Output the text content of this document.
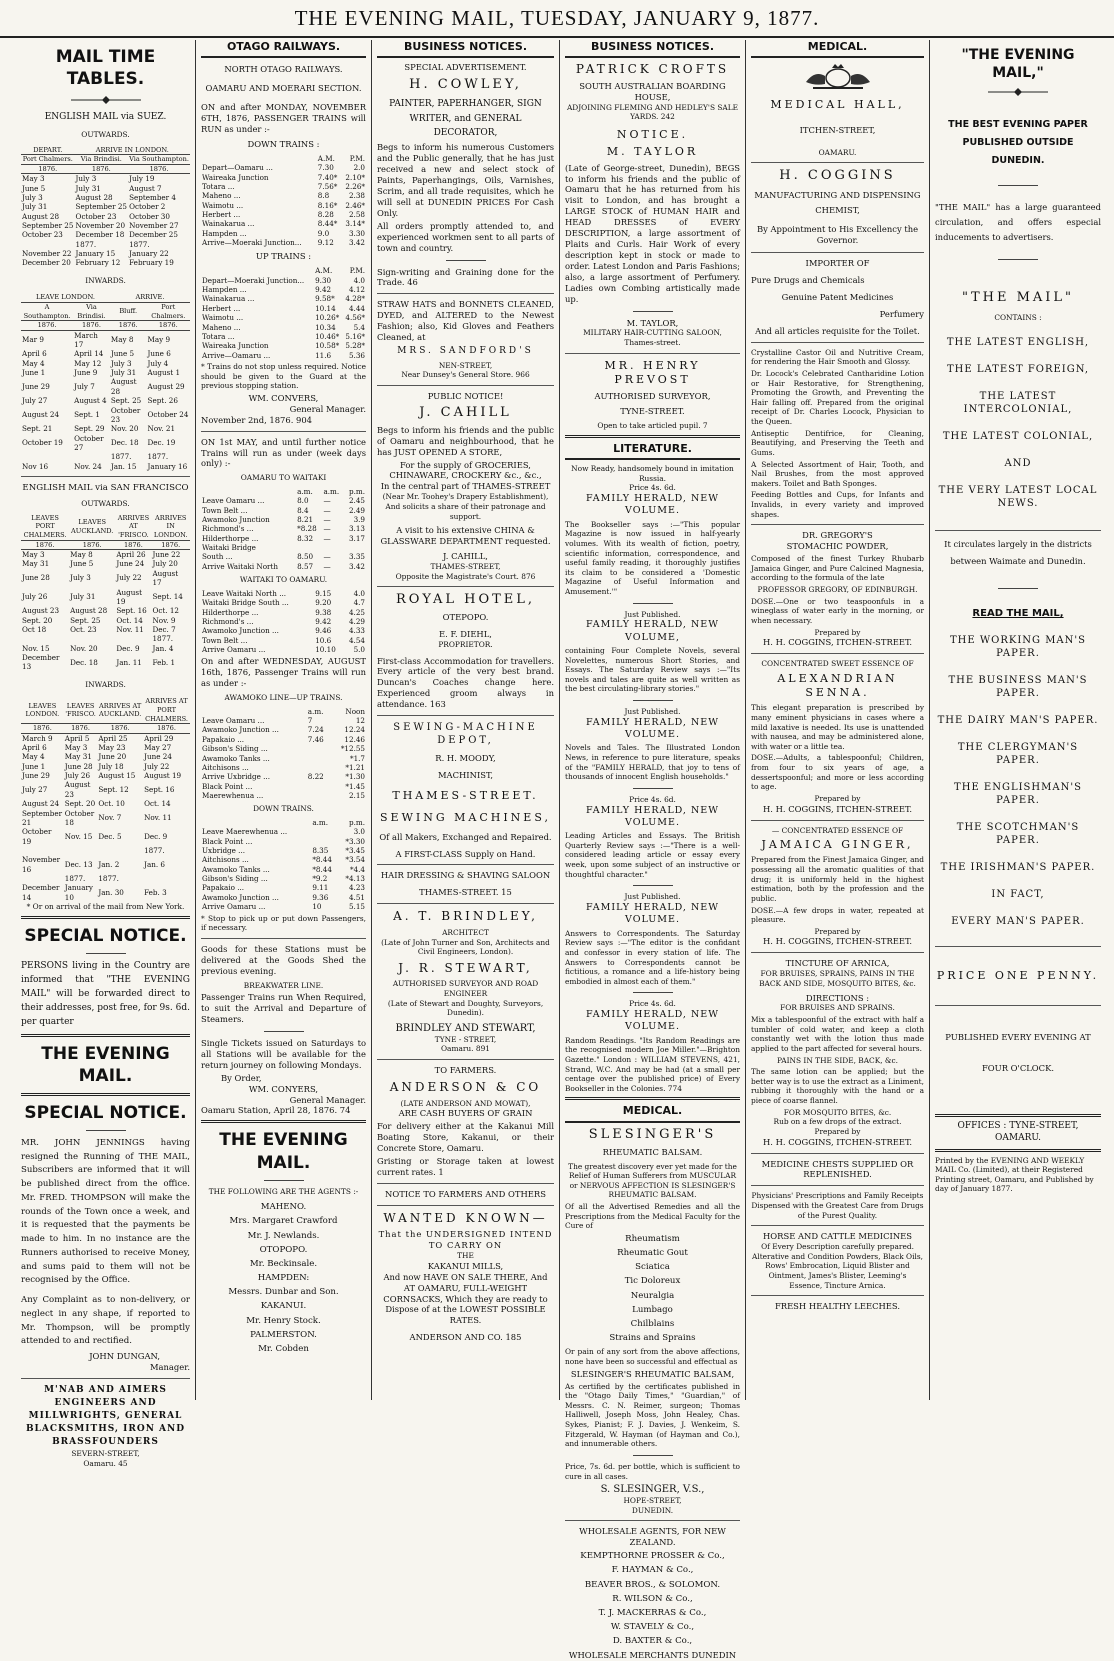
THE EVENING MAIL, TUESDAY, JANUARY 9, 1877.
MAIL TIME TABLES.
ENGLISH MAIL via SUEZ.
OUTWARDS.
DEPART.	ARRIVE IN LONDON.	
Port Chalmers.	Via Brindisi.	Via Southampton.
1876.	1876.	1876.
May 3	July 3	July 19
June 5	July 31	August 7
July 3	August 28	September 4
July 31	September 25	October 2
August 28	October 23	October 30
September 25	November 20	November 27
October 23	December 18	December 25
	1877.	1877.
November 22	January 15	January 22
December 20	February 12	February 19
INWARDS.
LEAVE LONDON.		ARRIVE.	
A Southampton.	Via Brindisi.	Bluff.	Port Chalmers.
1876.	1876.	1876.	1876.
Mar 9	March 17	May 8	May 9
April 6	April 14	June 5	June 6
May 4	May 12	July 3	July 4
June 1	June 9	July 31	August 1
June 29	July 7	August 28	August 29
July 27	August 4	Sept. 25	Sept. 26
August 24	Sept. 1	October 23	October 24
Sept. 21	Sept. 29	Nov. 20	Nov. 21
October 19	October 27	Dec. 18	Dec. 19
		1877.	1877.
Nov 16	Nov. 24	Jan. 15	January 16
ENGLISH MAIL via SAN FRANCISCO
OUTWARDS.
LEAVES PORT CHALMERS.	LEAVES AUCKLAND.	ARRIVES AT 'FRISCO.	ARRIVES IN LONDON.
1876.	1876.	1876.	1876.
May 3	May 8	April 26	June 22
May 31	June 5	June 24	July 20
June 28	July 3	July 22	August 17
July 26	July 31	August 19	Sept. 14
August 23	August 28	Sept. 16	Oct. 12
Sept. 20	Sept. 25	Oct. 14	Nov. 9
Oct 18	Oct. 23	Nov. 11	Dec. 7
			1877.
Nov. 15	Nov. 20	Dec. 9	Jan. 4
December 13	Dec. 18	Jan. 11	Feb. 1
INWARDS.
LEAVES LONDON.	LEAVES 'FRISCO.	ARRIVES AT AUCKLAND.	ARRIVES AT PORT CHALMERS.
1876.	1876.	1876.	1876.
March 9	April 5	April 25	April 29
April 6	May 3	May 23	May 27
May 4	May 31	June 20	June 24
June 1	June 28	July 18	July 22
June 29	July 26	August 15	August 19
July 27	August 23	Sept. 12	Sept. 16
August 24	Sept. 20	Oct. 10	Oct. 14
September 21	October 18	Nov. 7	Nov. 11
October 19	Nov. 15	Dec. 5	Dec. 9
			1877.
November 16	Dec. 13	Jan. 2	Jan. 6
	1877.	1877.	
December 14	January 10	Jan. 30	Feb. 3
* Or on arrival of the mail from New York.
SPECIAL NOTICE.

PERSONS living in the Country are informed that "THE EVENING MAIL" will be forwarded direct to their addresses, post free, for 9s. 6d. per quarter

THE EVENING MAIL.
SPECIAL NOTICE.

MR. JOHN JENNINGS having resigned the Running of THE MAIL, Subscribers are informed that it will be published direct from the office. Mr. FRED. THOMPSON will make the rounds of the Town once a week, and it is requested that the payments be made to him. In no instance are the Runners authorised to receive Money, and sums paid to them will not be recognised by the Office.

Any Complaint as to non-delivery, or neglect in any shape, if reported to Mr. Thompson, will be promptly attended to and rectified.

JOHN DUNGAN,
Manager.
M'NAB AND AIMERS ENGINEERS AND MILLWRIGHTS, GENERAL BLACKSMITHS, IRON AND BRASSFOUNDERS
SEVERN-STREET,
Oamaru. 45
OTAGO RAILWAYS.
NORTH OTAGO RAILWAYS.
OAMARU AND MOERARI SECTION.

ON and after MONDAY, NOVEMBER 6TH, 1876, PASSENGER TRAINS will RUN as under :-

DOWN TRAINS :
	A.M.	P.M.
Depart—Oamaru ...	7.30	2.0
Waireaka Junction	7.40*	2.10*
Totara ...	7.56*	2.26*
Maheno ...	8.8	2.38
Waimotu ...	8.16*	2.46*
Herbert ...	8.28	2.58
Wainakarua ...	8.44*	3.14*
Hampden ...	9.0	3.30
Arrive—Moeraki Junction...	9.12	3.42
UP TRAINS :
	A.M.	P.M.
Depart—Moeraki Junction...	9.30	4.0
Hampden ...	9.42	4.12
Wainakarua ...	9.58*	4.28*
Herbert ...	10.14	4.44
Waimotu ...	10.26*	4.56*
Maheno ...	10.34	5.4
Totara ...	10.46*	5.16*
Waireaka Junction	10.58*	5.28*
Arrive—Oamaru ...	11.6	5.36

* Trains do not stop unless required. Notice should be given to the Guard at the previous stopping station.

WM. CONVERS,
General Manager.
November 2nd, 1876. 904

ON 1st MAY, and until further notice Trains will run as under (week days only) :-

OAMARU TO WAITAKI
	a.m.	a.m.	p.m.
Leave Oamaru ...	8.0	—	2.45
Town Belt ...	8.4	—	2.49
Awamoko Junction	8.21	—	3.9
Richmond's ...	*8.28	—	3.13
Hilderthorpe ...	8.32	—	3.17
Waitaki Bridge			
South ...	8.50	—	3.35
Arrive Waitaki North	8.57	—	3.42
WAITAKI TO OAMARU.
Leave Waitaki North ...	9.15	4.0
Waitaki Bridge South ...	9.20	4.7
Hilderthorpe ...	9.38	4.25
Richmond's ...	9.42	4.29
Awamoko Junction ...	9.46	4.33
Town Belt ...	10.6	4.54
Arrive Oamaru ...	10.10	5.0

On and after WEDNESDAY, AUGUST 16th, 1876, Passenger Trains will run as under :-

AWAMOKO LINE—UP TRAINS.
	a.m.	Noon
Leave Oamaru ...	7	12
Awamoko Junction ...	7.24	12.24
Papakaio ...	7.46	12.46
Gibson's Siding ...		*12.55
Awamoko Tanks ...		*1.7
Aitchisons ...		*1.21
Arrive Uxbridge ...	8.22	*1.30
Black Point ...		*1.45
Maerewhenua ...		2.15
DOWN TRAINS.
	a.m.	p.m.
Leave Maerewhenua ...		3.0
Black Point ...		*3.30
Uxbridge ...	8.35	*3.45
Aitchisons ...	*8.44	*3.54
Awamoko Tanks ...	*8.44	*4.4
Gibson's Siding ...	*9.2	*4.13
Papakaio ...	9.11	4.23
Awamoko Junction ...	9.36	4.51
Arrive Oamaru ...	10	5.15

* Stop to pick up or put down Passengers, if necessary.

Goods for these Stations must be delivered at the Goods Shed the previous evening.

BREAKWATER LINE.

Passenger Trains run When Required, to suit the Arrival and Departure of Steamers.

Single Tickets issued on Saturdays to all Stations will be available for the return journey on following Mondays.

By Order,
WM. CONYERS,
General Manager.
Oamaru Station, April 28, 1876. 74
THE EVENING MAIL.
THE FOLLOWING ARE THE AGENTS :-
MAHENO.
Mrs. Margaret Crawford
Mr. J. Newlands.
OTOPOPO.
Mr. Beckinsale.
HAMPDEN:
Messrs. Dunbar and Son.
KAKANUI.
Mr. Henry Stock.
PALMERSTON.
Mr. Cobden
BUSINESS NOTICES.
SPECIAL ADVERTISEMENT.
H. COWLEY,
PAINTER, PAPERHANGER, SIGN WRITER, and GENERAL DECORATOR,

Begs to inform his numerous Customers and the Public generally, that he has just received a new and select stock of Paints, Paperhangings, Oils, Varnishes, Scrim, and all trade requisites, which he will sell at DUNEDIN PRICES For Cash Only.

All orders promptly attended to, and experienced workmen sent to all parts of town and country.

Sign-writing and Graining done for the Trade. 46

STRAW HATS and BONNETS CLEANED, DYED, and ALTERED to the Newest Fashion; also, Kid Gloves and Feathers Cleaned, at

MRS. SANDFORD'S
NEN-STREET,
Near Dunsey's General Store. 966
PUBLIC NOTICE!
J. CAHILL

Begs to inform his friends and the public of Oamaru and neighbourhood, that he has JUST OPENED A STORE,

For the supply of GROCERIES, CHINAWARE, CROCKERY &c., &c.,
In the central part of THAMES-STREET
(Near Mr. Toohey's Drapery Establishment), And solicits a share of their patronage and support.
A visit to his extensive CHINA & GLASSWARE DEPARTMENT requested.
J. CAHILL,
THAMES-STREET,
Opposite the Magistrate's Court. 876
ROYAL HOTEL,
OTEPOPO.
E. F. DIEHL,
PROPRIETOR.

First-class Accommodation for travellers. Every article of the very best brand. Duncan's Coaches change here. Experienced groom always in attendance. 163

SEWING-MACHINE DEPOT,
R. H. MOODY,
MACHINIST,
THAMES-STREET.
SEWING MACHINES,
Of all Makers, Exchanged and Repaired.
A FIRST-CLASS Supply on Hand.
HAIR DRESSING & SHAVING SALOON
THAMES-STREET. 15
A. T. BRINDLEY,
ARCHITECT
(Late of John Turner and Son, Architects and Civil Engineers, London).
J. R. STEWART,
AUTHORISED SURVEYOR AND ROAD ENGINEER
(Late of Stewart and Doughty, Surveyors, Dunedin).
BRINDLEY AND STEWART,
TYNE - STREET,
Oamaru. 891
TO FARMERS.
ANDERSON & CO
(LATE ANDERSON AND MOWAT),
ARE CASH BUYERS OF GRAIN

For delivery either at the Kakanui Mill Boating Store, Kakanui, or their Concrete Store, Oamaru.

Gristing or Storage taken at lowest current rates. 1

NOTICE TO FARMERS AND OTHERS
WANTED KNOWN—
That the UNDERSIGNED INTEND TO CARRY ON
THE
KAKANUI MILLS,
And now HAVE ON SALE THERE, And AT OAMARU, FULL-WEIGHT CORNSACKS, Which they are ready to Dispose of at the LOWEST POSSIBLE RATES.
ANDERSON AND CO. 185
BUSINESS NOTICES.
PATRICK CROFTS
SOUTH AUSTRALIAN BOARDING HOUSE,
ADJOINING FLEMING AND HEDLEY'S SALE YARDS. 242
NOTICE.
M. TAYLOR

(Late of George-street, Dunedin), BEGS to inform his friends and the public of Oamaru that he has returned from his visit to London, and has brought a LARGE STOCK of HUMAN HAIR and HEAD DRESSES of EVERY DESCRIPTION, a large assortment of Plaits and Curls. Hair Work of every description kept in stock or made to order. Latest London and Paris Fashions; also, a large assortment of Perfumery. Ladies own Combing artistically made up.

M. TAYLOR,
MILITARY HAIR-CUTTING SALOON,
Thames-street.
MR. HENRY PREVOST
AUTHORISED SURVEYOR,
TYNE-STREET.
Open to take articled pupil. 7
LITERATURE.
Now Ready, handsomely bound in imitation Russia.
Price 4s. 6d.
FAMILY HERALD, NEW VOLUME.

The Bookseller says :—"This popular Magazine is now issued in half-yearly volumes. With its wealth of fiction, poetry, scientific information, correspondence, and useful family reading, it thoroughly justifies its claim to be considered a 'Domestic Magazine of Useful Information and Amusement.'"

Just Published.
FAMILY HERALD, NEW VOLUME,

containing Four Complete Novels, several Novelettes, numerous Short Stories, and Essays. The Saturday Review says :—"Its novels and tales are quite as well written as the best circulating-library stories."

Just Published.
FAMILY HERALD, NEW VOLUME.

Novels and Tales. The Illustrated London News, in reference to pure literature, speaks of the "FAMILY HERALD, that joy to tens of thousands of innocent English households."

Price 4s. 6d.
FAMILY HERALD, NEW VOLUME.

Leading Articles and Essays. The British Quarterly Review says :—"There is a well-considered leading article or essay every week, upon some subject of an instructive or thoughtful character."

Just Published.
FAMILY HERALD, NEW VOLUME.

Answers to Correspondents. The Saturday Review says :—"The editor is the confidant and confessor in every station of life. The Answers to Correspondents cannot be fictitious, a romance and a life-history being embodied in almost each of them."

Price 4s. 6d.
FAMILY HERALD, NEW VOLUME.

Random Readings. "Its Random Readings are the recognised modern Joe Miller."—Brighton Gazette." London : WILLIAM STEVENS, 421, Strand, W.C. And may be had (at a small per centage over the published price) of Every Bookseller in the Colonies. 774

MEDICAL.
SLESINGER'S
RHEUMATIC BALSAM.
The greatest discovery ever yet made for the Relief of Human Sufferers from MUSCULAR or NERVOUS AFFECTION IS SLESINGER'S RHEUMATIC BALSAM.

Of all the Advertised Remedies and all the Prescriptions from the Medical Faculty for the Cure of

Rheumatism
Rheumatic Gout
Sciatica
Tic Doloreux
Neuralgia
Lumbago
Chilblains
Strains and Sprains

Or pain of any sort from the above affections, none have been so successful and effectual as

SLESINGER'S RHEUMATIC BALSAM,

As certified by the certificates published in the "Otago Daily Times," "Guardian," of Messrs. C. N. Reimer, surgeon; Thomas Halliwell, Joseph Moss, John Healey, Chas. Sykes, Pianist; F. J. Davies, J. Wenkeim, S. Fitzgerald, W. Hayman (of Hayman and Co.), and innumerable others.

Price, 7s. 6d. per bottle, which is sufficient to cure in all cases.

S. SLESINGER, V.S.,
HOPE-STREET,
DUNEDIN.
WHOLESALE AGENTS, FOR NEW ZEALAND.
KEMPTHORNE PROSSER & Co.,
F. HAYMAN & Co.,
BEAVER BROS., & SOLOMON.
R. WILSON & Co.,
T. J. MACKERRAS & Co.,
W. STAVELY & Co.,
D. BAXTER & Co.,
WHOLESALE MERCHANTS DUNEDIN
MEDICAL.
MEDICAL HALL,
ITCHEN-STREET,
OAMARU.
H. COGGINS
MANUFACTURING AND DISPENSING CHEMIST,
By Appointment to His Excellency the Governor.
IMPORTER OF
Pure Drugs and Chemicals
Genuine Patent Medicines
Perfumery
And all articles requisite for the Toilet.

Crystalline Castor Oil and Nutritive Cream, for rendering the Hair Smooth and Glossy.

Dr. Locock's Celebrated Cantharidine Lotion or Hair Restorative, for Strengthening, Promoting the Growth, and Preventing the Hair falling off. Prepared from the original receipt of Dr. Charles Locock, Physician to the Queen.

Antiseptic Dentifrice, for Cleaning, Beautifying, and Preserving the Teeth and Gums.

A Selected Assortment of Hair, Tooth, and Nail Brushes, from the most approved makers. Toilet and Bath Sponges.

Feeding Bottles and Cups, for Infants and Invalids, in every variety and improved shapes.

DR. GREGORY'S
STOMACHIC POWDER,

Composed of the finest Turkey Rhubarb Jamaica Ginger, and Pure Calcined Magnesia, according to the formula of the late

PROFESSOR GREGORY, OF EDINBURGH.

DOSE.—One or two teaspoonfuls in a wineglass of water early in the morning, or when necessary.

Prepared by
H. H. COGGINS, ITCHEN-STREET.
CONCENTRATED SWEET ESSENCE OF
ALEXANDRIAN SENNA.

This elegant preparation is prescribed by many eminent physicians in cases where a mild laxative is needed. Its use is unattended with nausea, and may be administered alone, with water or a little tea.

DOSE.—Adults, a tablespoonful; Children, from four to six years of age, a dessertspoonful; and more or less according to age.

Prepared by
H. H. COGGINS, ITCHEN-STREET.
— CONCENTRATED ESSENCE OF
JAMAICA GINGER,

Prepared from the Finest Jamaica Ginger, and possessing all the aromatic qualities of that drug; it is uniformly held in the highest estimation, both by the profession and the public.

DOSE.—A few drops in water, repeated at pleasure.

Prepared by
H. H. COGGINS, ITCHEN-STREET.
TINCTURE OF ARNICA,
FOR BRUISES, SPRAINS, PAINS IN THE BACK AND SIDE, MOSQUITO BITES, &c.
DIRECTIONS :
FOR BRUISES AND SPRAINS.

Mix a tablespoonful of the extract with half a tumbler of cold water, and keep a cloth constantly wet with the lotion thus made applied to the part affected for several hours.

PAINS IN THE SIDE, BACK, &c.

The same lotion can be applied; but the better way is to use the extract as a Liniment, rubbing it thoroughly with the hand or a piece of coarse flannel.

FOR MOSQUITO BITES, &c.
Rub on a few drops of the extract.
Prepared by
H. H. COGGINS, ITCHEN-STREET.
MEDICINE CHESTS SUPPLIED OR REPLENISHED.
Physicians' Prescriptions and Family Receipts Dispensed with the Greatest Care from Drugs of the Purest Quality.
HORSE AND CATTLE MEDICINES
Of Every Description carefully prepared. Alterative and Condition Powders, Black Oils, Rows' Embrocation, Liquid Blister and Ointment, James's Blister, Leeming's Essence, Tincture Arnica.
FRESH HEALTHY LEECHES.
"THE EVENING MAIL,"
THE BEST EVENING PAPER PUBLISHED OUTSIDE DUNEDIN.

"THE MAIL" has a large guaranteed circulation, and offers especial inducements to advertisers.

"THE MAIL"
CONTAINS :
THE LATEST ENGLISH,
THE LATEST FOREIGN,
THE LATEST INTERCOLONIAL,
THE LATEST COLONIAL,
AND
THE VERY LATEST LOCAL NEWS.

It circulates largely in the districts between Waimate and Dunedin.

READ THE MAIL,
THE WORKING MAN'S PAPER.
THE BUSINESS MAN'S PAPER.
THE DAIRY MAN'S PAPER.
THE CLERGYMAN'S PAPER.
THE ENGLISHMAN'S PAPER.
THE SCOTCHMAN'S PAPER.
THE IRISHMAN'S PAPER.
IN FACT,
EVERY MAN'S PAPER.
PRICE ONE PENNY.
PUBLISHED EVERY EVENING AT
FOUR O'CLOCK.
OFFICES : TYNE-STREET, OAMARU.
Printed by the EVENING AND WEEKLY MAIL Co. (Limited), at their Registered Printing street, Oamaru, and Published by day of January 1877.
